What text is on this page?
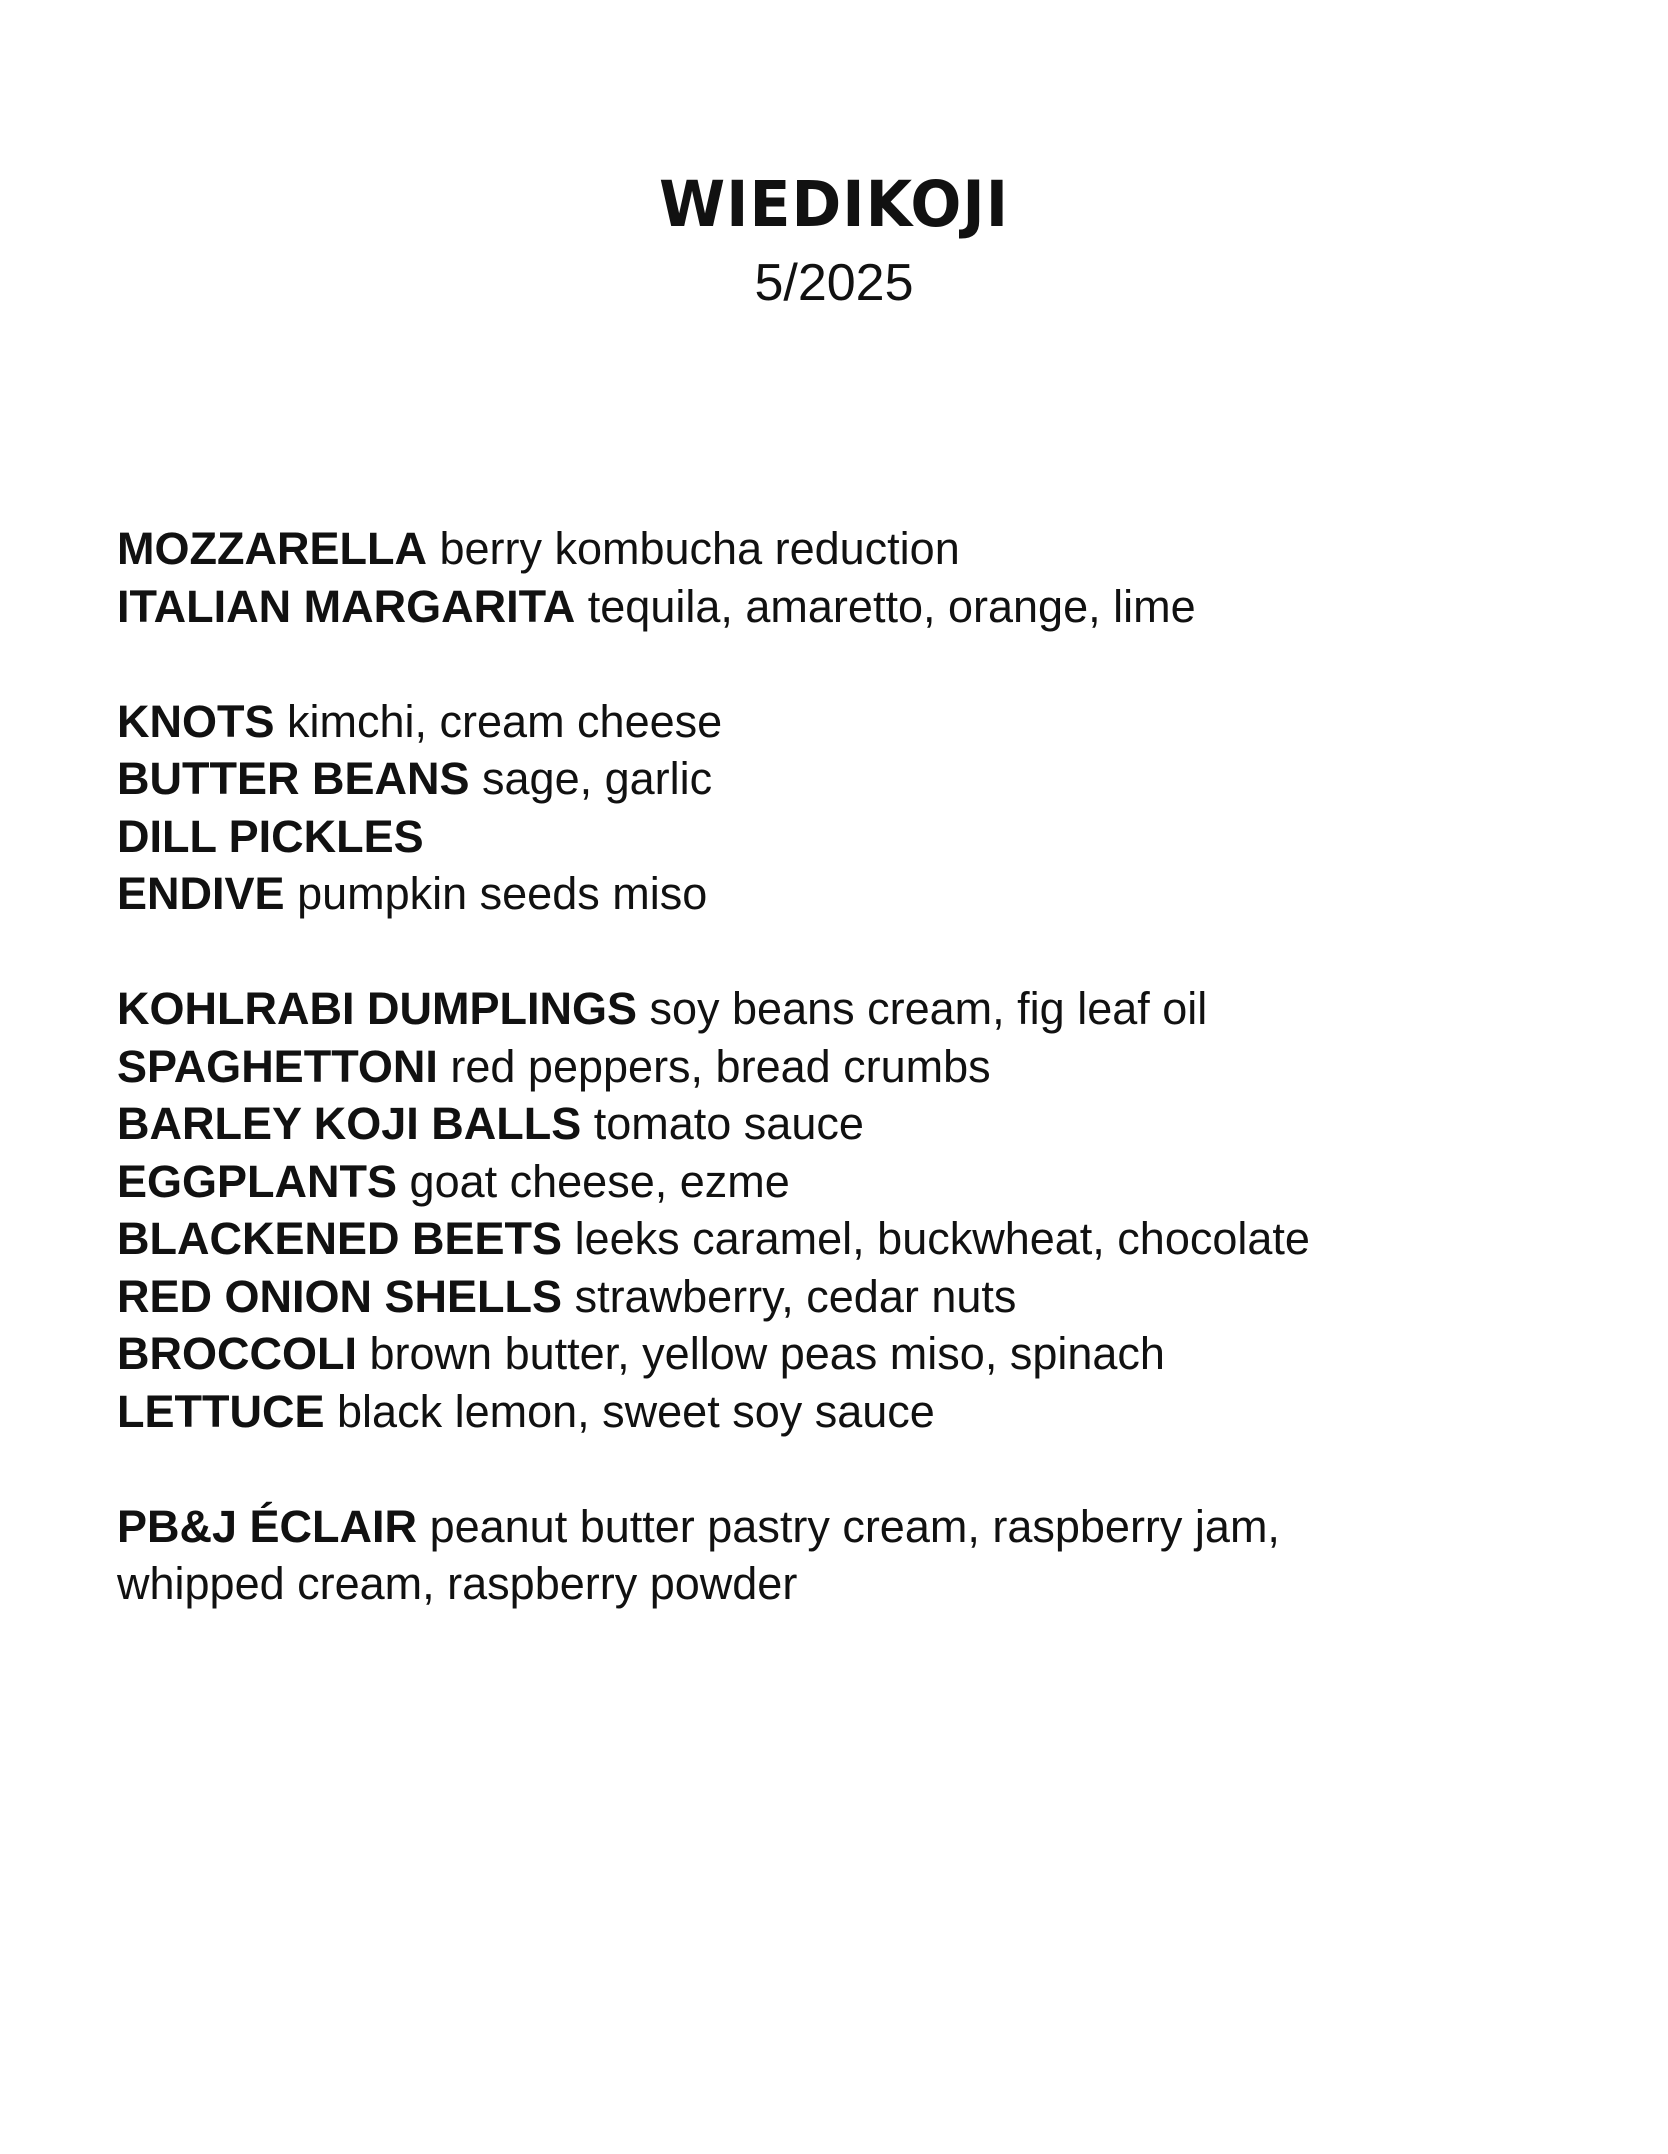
WIEDIKOJI
5/2025

MOZZARELLA berry kombucha reduction

ITALIAN MARGARITA tequila, amaretto, orange, lime

KNOTS kimchi, cream cheese

BUTTER BEANS sage, garlic

DILL PICKLES

ENDIVE pumpkin seeds miso

KOHLRABI DUMPLINGS soy beans cream, fig leaf oil

SPAGHETTONI red peppers, bread crumbs

BARLEY KOJI BALLS tomato sauce

EGGPLANTS goat cheese, ezme

BLACKENED BEETS leeks caramel, buckwheat, chocolate

RED ONION SHELLS strawberry, cedar nuts

BROCCOLI brown butter, yellow peas miso, spinach

LETTUCE black lemon, sweet soy sauce

PB&J ÉCLAIR peanut butter pastry cream, raspberry jam, whipped cream, raspberry powder
